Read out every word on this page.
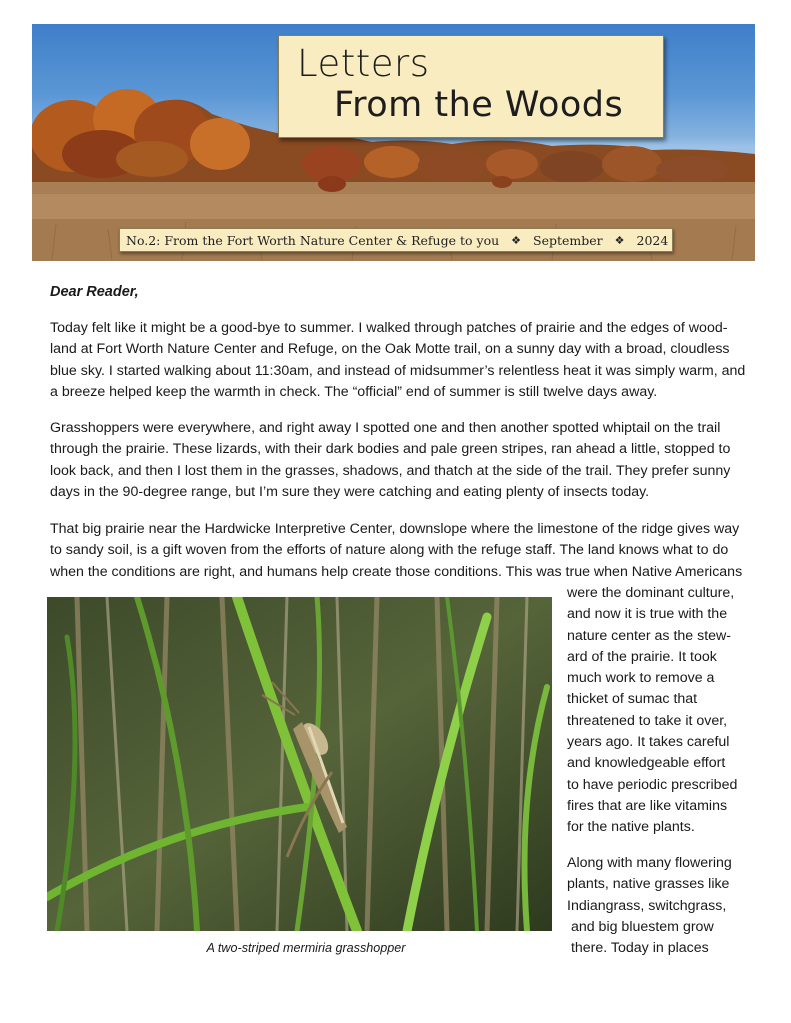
Letters
From the Woods
No.2: From the Fort Worth Nature Center & Refuge to you ❖ September ❖ 2024
Dear Reader,
Today felt like it might be a good-bye to summer. I walked through patches of prairie and the edges of wood-
land at Fort Worth Nature Center and Refuge, on the Oak Motte trail, on a sunny day with a broad, cloudless
blue sky. I started walking about 11:30am, and instead of midsummer’s relentless heat it was simply warm, and
a breeze helped keep the warmth in check. The “official” end of summer is still twelve days away.
Grasshoppers were everywhere, and right away I spotted one and then another spotted whiptail on the trail
through the prairie. These lizards, with their dark bodies and pale green stripes, ran ahead a little, stopped to
look back, and then I lost them in the grasses, shadows, and thatch at the side of the trail. They prefer sunny
days in the 90-degree range, but I’m sure they were catching and eating plenty of insects today.
That big prairie near the Hardwicke Interpretive Center, downslope where the limestone of the ridge gives way
to sandy soil, is a gift woven from the efforts of nature along with the refuge staff. The land knows what to do
when the conditions are right, and humans help create those conditions. This was true when Native Americans
were the dominant culture,
and now it is true with the
nature center as the stew-
ard of the prairie. It took
much work to remove a
thicket of sumac that
threatened to take it over,
years ago. It takes careful
and knowledgeable effort
to have periodic prescribed
fires that are like vitamins
for the native plants.
Along with many flowering
plants, native grasses like
Indiangrass, switchgrass,
and big bluestem grow
there. Today in places
A two-striped mermiria grasshopper
